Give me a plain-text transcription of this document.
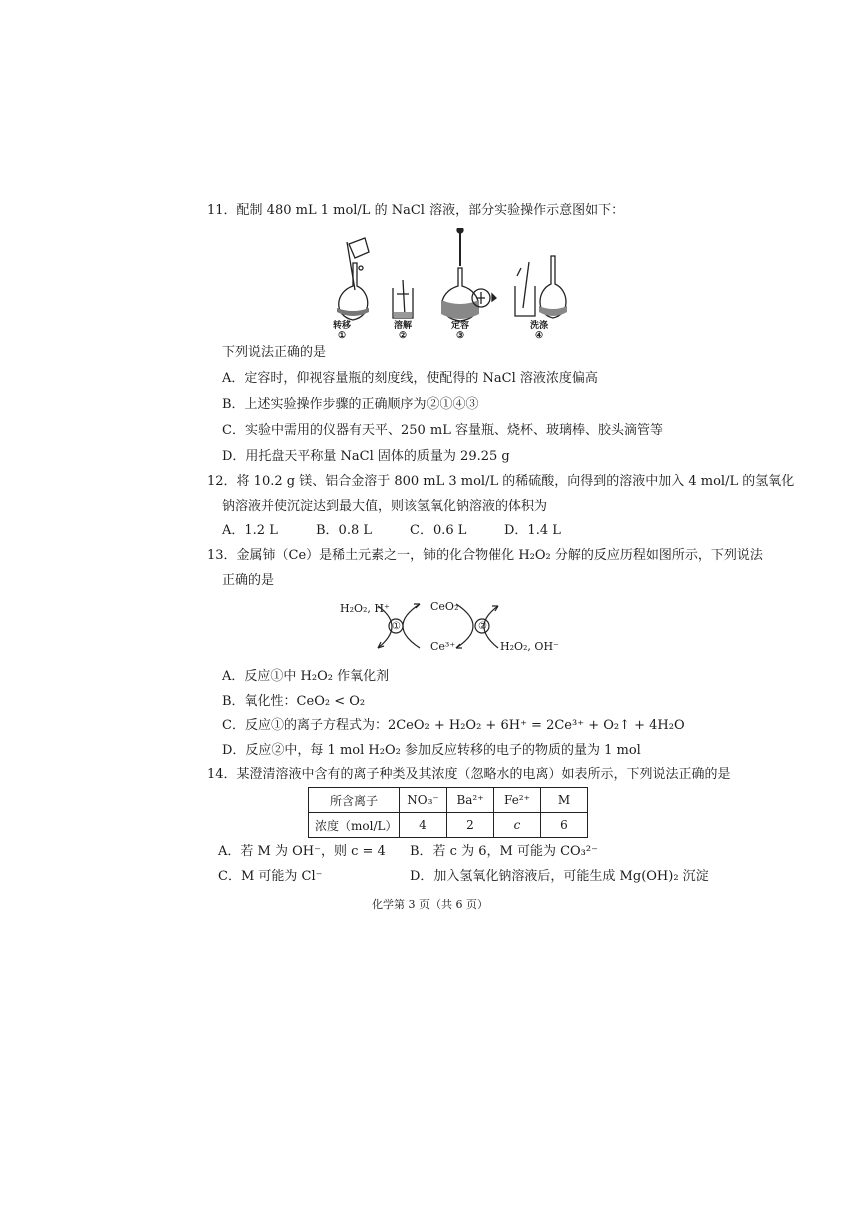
11．配制 480 mL 1 mol/L 的 NaCl 溶液，部分实验操作示意图如下：
转移
①
溶解
②
定容
③
洗涤
④
下列说法正确的是
A．定容时，仰视容量瓶的刻度线，使配得的 NaCl 溶液浓度偏高
B．上述实验操作步骤的正确顺序为②①④③
C．实验中需用的仪器有天平、250 mL 容量瓶、烧杯、玻璃棒、胶头滴管等
D．用托盘天平称量 NaCl 固体的质量为 29.25 g
12．将 10.2 g 镁、铝合金溶于 800 mL 3 mol/L 的稀硫酸，向得到的溶液中加入 4 mol/L 的氢氧化
钠溶液并使沉淀达到最大值，则该氢氧化钠溶液的体积为
A．1.2 L	B．0.8 L	C．0.6 L	D．1.4 L
13．金属铈（Ce）是稀土元素之一，铈的化合物催化 H₂O₂ 分解的反应历程如图所示，下列说法
正确的是
H₂O₂, H⁺	CeO₂
Ce³⁺	H₂O₂, OH⁻
①	②
A．反应①中 H₂O₂ 作氧化剂
B．氧化性：CeO₂ < O₂
C．反应①的离子方程式为：2CeO₂ + H₂O₂ + 6H⁺ = 2Ce³⁺ + O₂↑ + 4H₂O
D．反应②中，每 1 mol H₂O₂ 参加反应转移的电子的物质的量为 1 mol
14．某澄清溶液中含有的离子种类及其浓度（忽略水的电离）如表所示，下列说法正确的是
所含离子	NO₃⁻	Ba²⁺	Fe²⁺	M
浓度（mol/L）	4	2	c	6
A．若 M 为 OH⁻，则 c = 4 B．若 c 为 6，M 可能为 CO₃²⁻
C．M 可能为 Cl⁻	D．加入氢氧化钠溶液后，可能生成 Mg(OH)₂ 沉淀
化学第 3 页（共 6 页）
